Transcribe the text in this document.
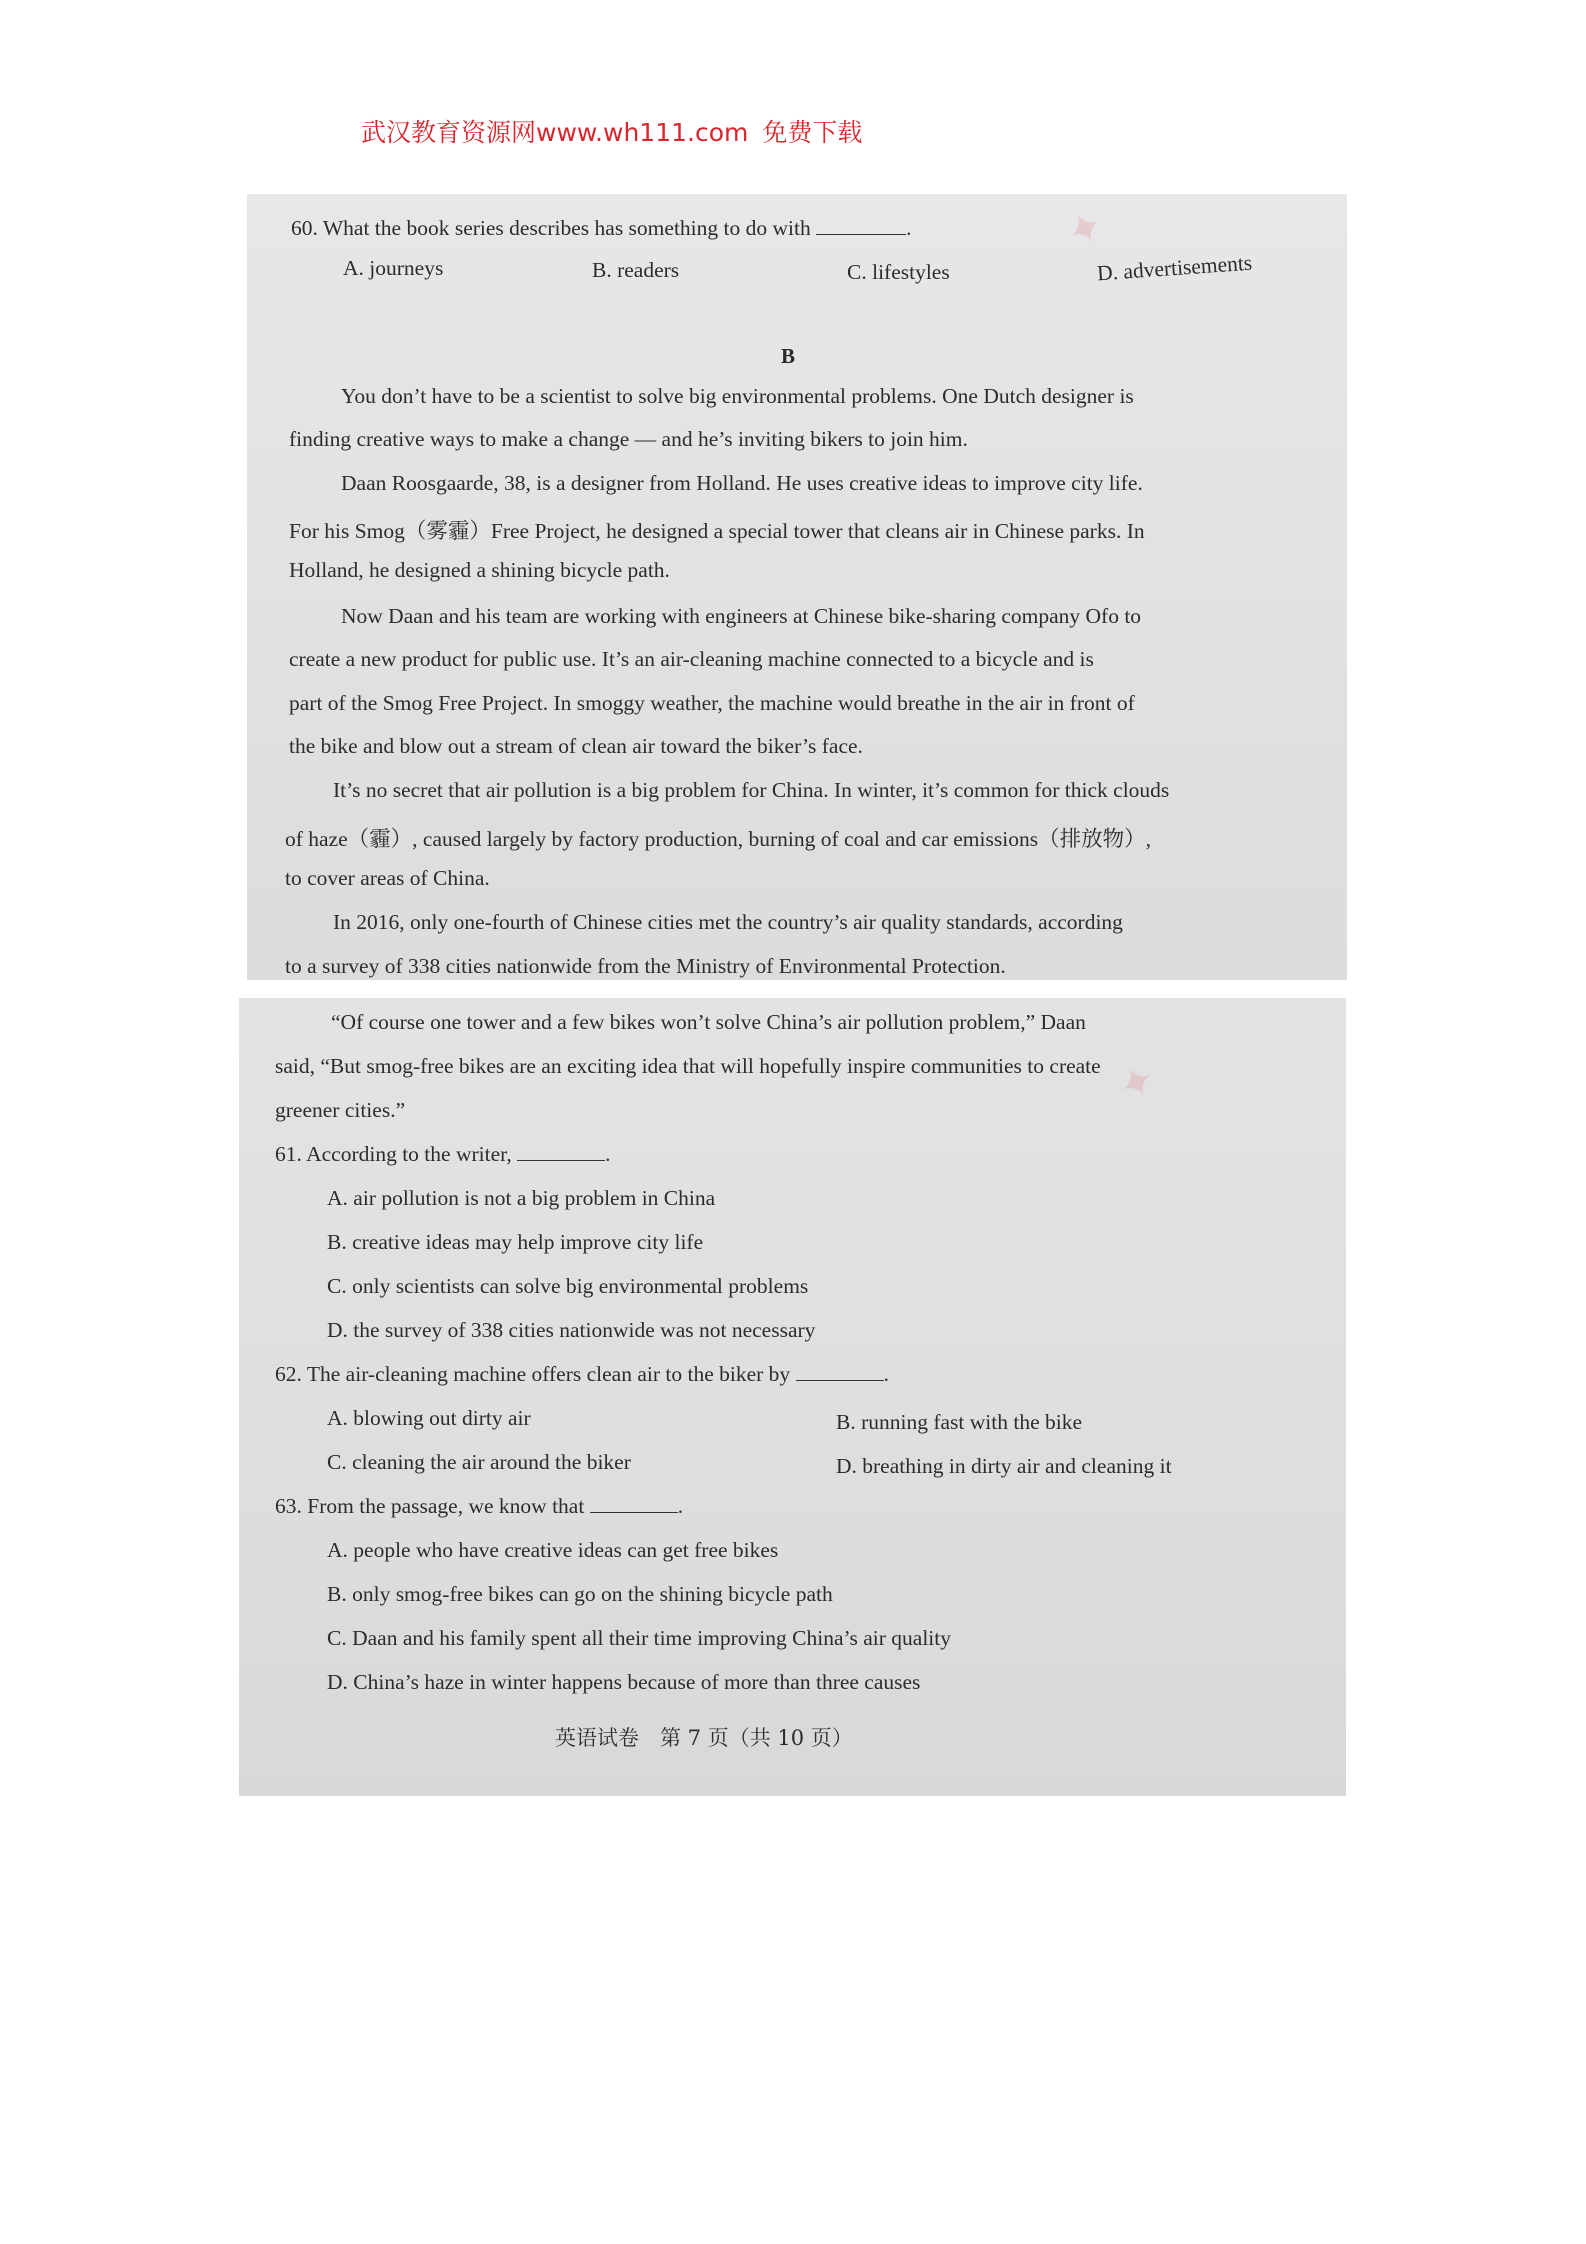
武汉教育资源网www.wh111.com 免费下载
✦
60. What the book series describes has something to do with	.
A. journeys	B. readers	C. lifestyles	D. advertisements
B
You don’t have to be a scientist to solve big environmental problems. One Dutch designer is
finding creative ways to make a change — and he’s inviting bikers to join him.
Daan Roosgaarde, 38, is a designer from Holland. He uses creative ideas to improve city life.
For his Smog（雾霾）Free Project, he designed a special tower that cleans air in Chinese parks. In
Holland, he designed a shining bicycle path.
Now Daan and his team are working with engineers at Chinese bike-sharing company Ofo to
create a new product for public use. It’s an air-cleaning machine connected to a bicycle and is
part of the Smog Free Project. In smoggy weather, the machine would breathe in the air in front of
the bike and blow out a stream of clean air toward the biker’s face.
It’s no secret that air pollution is a big problem for China. In winter, it’s common for thick clouds
of haze（霾）, caused largely by factory production, burning of coal and car emissions（排放物）,
to cover areas of China.
In 2016, only one-fourth of Chinese cities met the country’s air quality standards, according
to a survey of 338 cities nationwide from the Ministry of Environmental Protection.
✦
“Of course one tower and a few bikes won’t solve China’s air pollution problem,” Daan
said, “But smog-free bikes are an exciting idea that will hopefully inspire communities to create
greener cities.”
61. According to the writer,	.
A. air pollution is not a big problem in China
B. creative ideas may help improve city life
C. only scientists can solve big environmental problems
D. the survey of 338 cities nationwide was not necessary
62. The air-cleaning machine offers clean air to the biker by	.
A. blowing out dirty air	B. running fast with the bike
C. cleaning the air around the biker	D. breathing in dirty air and cleaning it
63. From the passage, we know that	.
A. people who have creative ideas can get free bikes
B. only smog-free bikes can go on the shining bicycle path
C. Daan and his family spent all their time improving China’s air quality
D. China’s haze in winter happens because of more than three causes
英语试卷　第 7 页（共 10 页）
